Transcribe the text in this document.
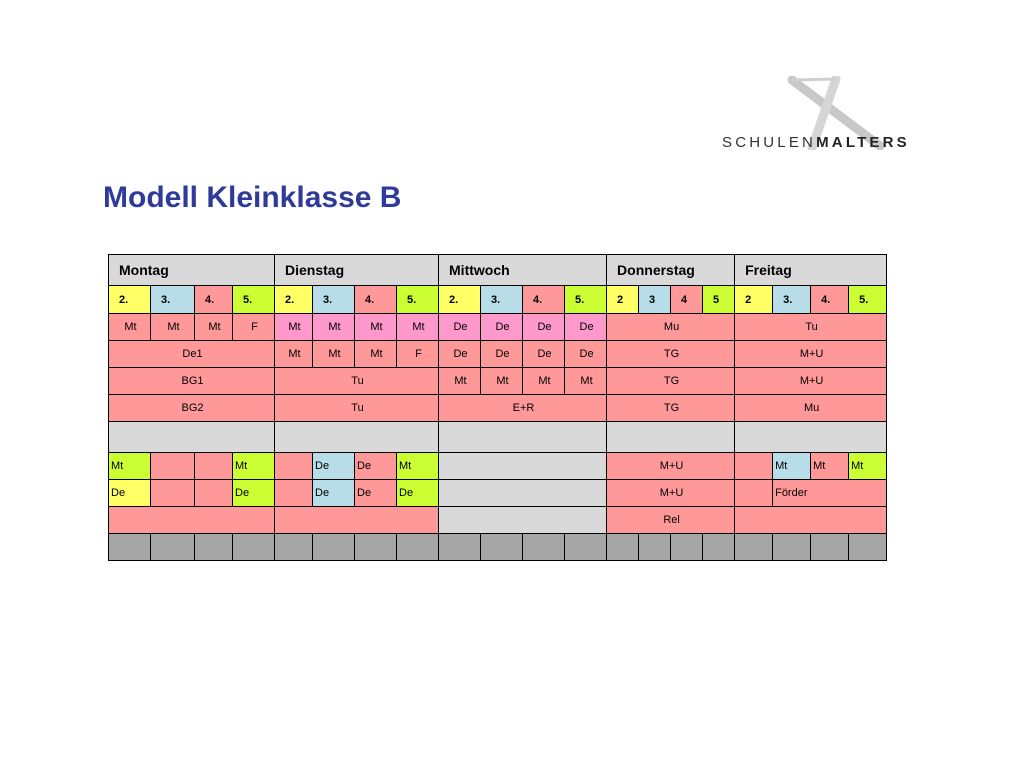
SCHULENMALTERS
Modell Kleinklasse B
Montag				Dienstag				Mittwoch				Donnerstag				Freitag			
2.	3.	4.	5.	2.	3.	4.	5.	2.	3.	4.	5.	2	3	4	5	2	3.	4.	5.
Mt	Mt	Mt	F	Mt	Mt	Mt	Mt	De	De	De	De	Mu				Tu			
De1				Mt	Mt	Mt	F	De	De	De	De	TG				M+U			
BG1				Tu				Mt	Mt	Mt	Mt	TG				M+U			
BG2				Tu				E+R				TG				Mu			

Mt			Mt		De	De	Mt					M+U					Mt	Mt	Mt
De			De		De	De	De					M+U					Förder		
												Rel							
